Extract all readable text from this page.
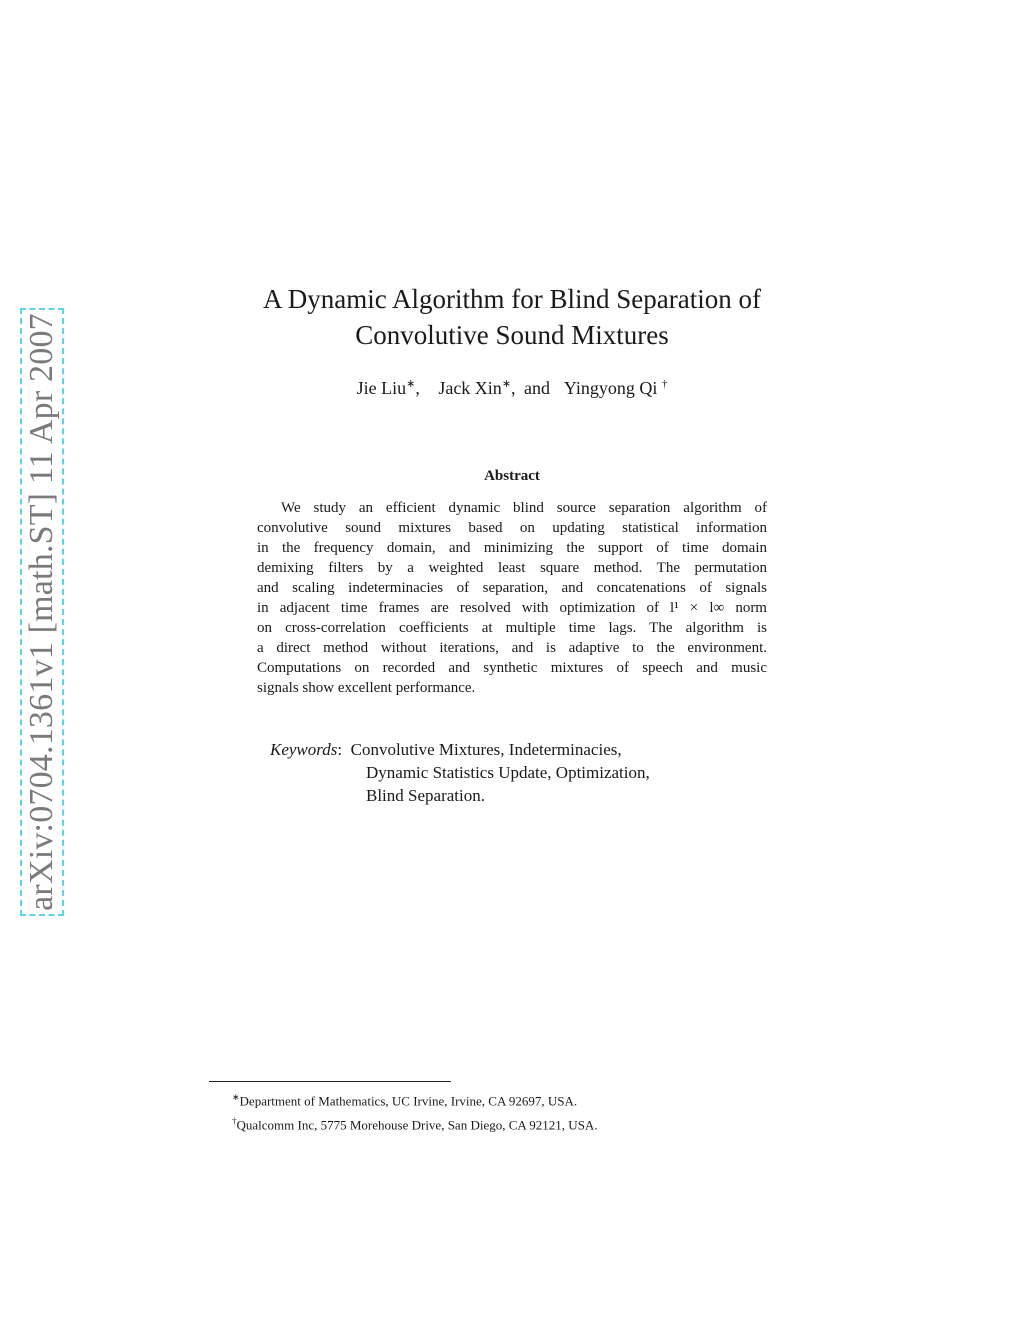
arXiv:0704.1361v1 [math.ST] 11 Apr 2007
A Dynamic Algorithm for Blind Separation of
Convolutive Sound Mixtures
Jie Liu∗, Jack Xin∗, and Yingyong Qi †
Abstract
We study an efficient dynamic blind source separation algorithm of
convolutive sound mixtures based on updating statistical information
in the frequency domain, and minimizing the support of time domain
demixing filters by a weighted least square method. The permutation
and scaling indeterminacies of separation, and concatenations of signals
in adjacent time frames are resolved with optimization of l¹ × l∞ norm
on cross-correlation coefficients at multiple time lags. The algorithm is
a direct method without iterations, and is adaptive to the environment.
Computations on recorded and synthetic mixtures of speech and music
signals show excellent performance.
Keywords:  Convolutive Mixtures, Indeterminacies,
Dynamic Statistics Update, Optimization,
Blind Separation.
∗Department of Mathematics, UC Irvine, Irvine, CA 92697, USA.
†Qualcomm Inc, 5775 Morehouse Drive, San Diego, CA 92121, USA.
